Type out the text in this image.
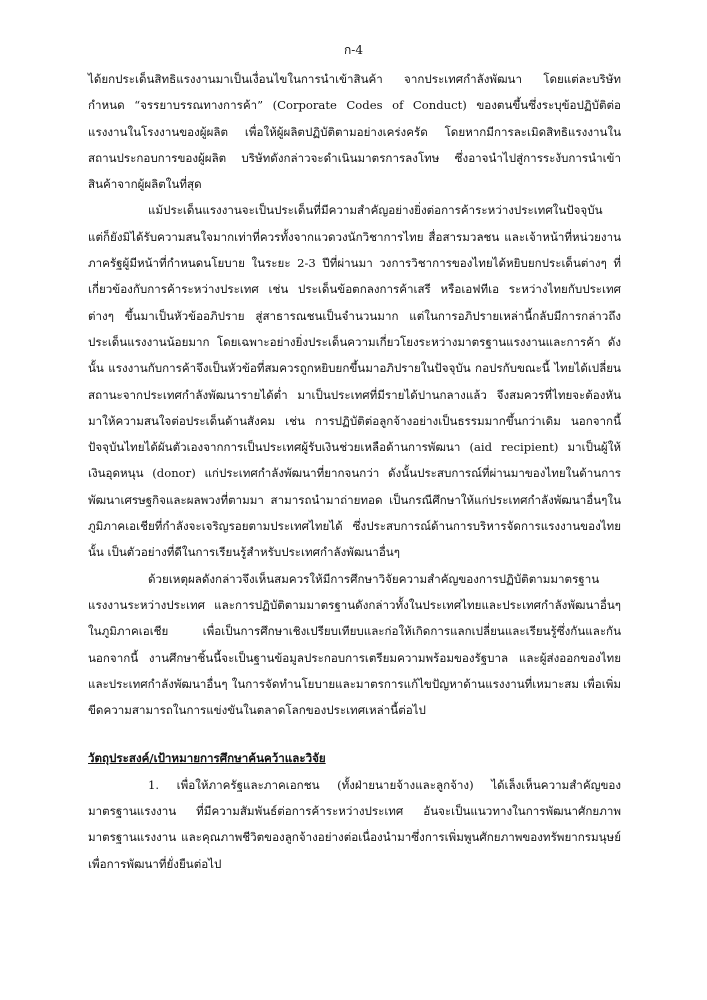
ก-4

ได้ยกประเด็นสิทธิแรงงานมาเป็นเงื่อนไขในการนำเข้าสินค้า จากประเทศกำลังพัฒนา โดยแต่ละบริษัทกำหนด “จรรยาบรรณทางการค้า” (Corporate Codes of Conduct) ของตนขึ้นซึ่งระบุข้อปฏิบัติต่อแรงงานในโรงงานของผู้ผลิต เพื่อให้ผู้ผลิตปฏิบัติตามอย่างเคร่งครัด โดยหากมีการละเมิดสิทธิแรงงานในสถานประกอบการของผู้ผลิต บริษัทดังกล่าวจะดำเนินมาตรการลงโทษ ซึ่งอาจนำไปสู่การระงับการนำเข้าสินค้าจากผู้ผลิตในที่สุด

แม้ประเด็นแรงงานจะเป็นประเด็นที่มีความสำคัญอย่างยิ่งต่อการค้าระหว่างประเทศในปัจจุบัน แต่ก็ยังมิได้รับความสนใจมากเท่าที่ควรทั้งจากแวดวงนักวิชาการไทย สื่อสารมวลชน และเจ้าหน้าที่หน่วยงานภาครัฐผู้มีหน้าที่กำหนดนโยบาย ในระยะ 2-3 ปีที่ผ่านมา วงการวิชาการของไทยได้หยิบยกประเด็นต่างๆ ที่เกี่ยวข้องกับการค้าระหว่างประเทศ เช่น ประเด็นข้อตกลงการค้าเสรี หรือเอฟทีเอ ระหว่างไทยกับประเทศต่างๆ ขึ้นมาเป็นหัวข้ออภิปราย สู่สาธารณชนเป็นจำนวนมาก แต่ในการอภิปรายเหล่านี้กลับมีการกล่าวถึงประเด็นแรงงานน้อยมาก โดยเฉพาะอย่างยิ่งประเด็นความเกี่ยวโยงระหว่างมาตรฐานแรงงานและการค้า ดังนั้น แรงงานกับการค้าจึงเป็นหัวข้อที่สมควรถูกหยิบยกขึ้นมาอภิปรายในปัจจุบัน กอปรกับขณะนี้ ไทยได้เปลี่ยนสถานะจากประเทศกำลังพัฒนารายได้ต่ำ มาเป็นประเทศที่มีรายได้ปานกลางแล้ว จึงสมควรที่ไทยจะต้องหันมาให้ความสนใจต่อประเด็นด้านสังคม เช่น การปฏิบัติต่อลูกจ้างอย่างเป็นธรรมมากขึ้นกว่าเดิม นอกจากนี้ปัจจุบันไทยได้ผันตัวเองจากการเป็นประเทศผู้รับเงินช่วยเหลือด้านการพัฒนา (aid recipient) มาเป็นผู้ให้เงินอุดหนุน (donor) แก่ประเทศกำลังพัฒนาที่ยากจนกว่า ดังนั้นประสบการณ์ที่ผ่านมาของไทยในด้านการพัฒนาเศรษฐกิจและผลพวงที่ตามมา สามารถนำมาถ่ายทอด เป็นกรณีศึกษาให้แก่ประเทศกำลังพัฒนาอื่นๆในภูมิภาคเอเชียที่กำลังจะเจริญรอยตามประเทศไทยได้ ซึ่งประสบการณ์ด้านการบริหารจัดการแรงงานของไทยนั้น เป็นตัวอย่างที่ดีในการเรียนรู้สำหรับประเทศกำลังพัฒนาอื่นๆ

ด้วยเหตุผลดังกล่าวจึงเห็นสมควรให้มีการศึกษาวิจัยความสำคัญของการปฏิบัติตามมาตรฐานแรงงานระหว่างประเทศ และการปฏิบัติตามมาตรฐานดังกล่าวทั้งในประเทศไทยและประเทศกำลังพัฒนาอื่นๆ ในภูมิภาคเอเชีย เพื่อเป็นการศึกษาเชิงเปรียบเทียบและก่อให้เกิดการแลกเปลี่ยนและเรียนรู้ซึ่งกันและกัน นอกจากนี้ งานศึกษาชิ้นนี้จะเป็นฐานข้อมูลประกอบการเตรียมความพร้อมของรัฐบาล และผู้ส่งออกของไทย และประเทศกำลังพัฒนาอื่นๆ ในการจัดทำนโยบายและมาตรการแก้ไขปัญหาด้านแรงงานที่เหมาะสม เพื่อเพิ่มขีดความสามารถในการแข่งขันในตลาดโลกของประเทศเหล่านี้ต่อไป

วัตถุประสงค์/เป้าหมายการศึกษาค้นคว้าและวิจัย

1. เพื่อให้ภาครัฐและภาคเอกชน (ทั้งฝ่ายนายจ้างและลูกจ้าง) ได้เล็งเห็นความสำคัญของมาตรฐานแรงงาน ที่มีความสัมพันธ์ต่อการค้าระหว่างประเทศ อันจะเป็นแนวทางในการพัฒนาศักยภาพมาตรฐานแรงงาน และคุณภาพชีวิตของลูกจ้างอย่างต่อเนื่องนำมาซึ่งการเพิ่มพูนศักยภาพของทรัพยากรมนุษย์เพื่อการพัฒนาที่ยั่งยืนต่อไป
